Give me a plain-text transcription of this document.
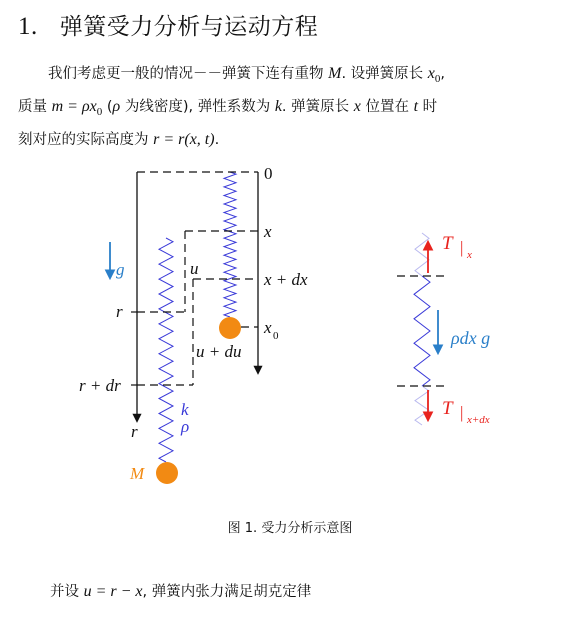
1. 弹簧受力分析与运动方程
我们考虑更一般的情况－－弹簧下连有重物 M. 设弹簧原长 $x_0$,
质量 $m = \rho x_0$ (ρ 为线密度), 弹性系数为 k. 弹簧原长 x 位置在 t 时
刻对应的实际高度为 r = r(x, t).
0
x
x + dx
x 0
g	u
u + du
r
r + dr
r
k
ρ
M
T | x
T | x+dx
ρdx g
图 1. 受力分析示意图
并设 u = r − x, 弹簧内张力满足胡克定律
